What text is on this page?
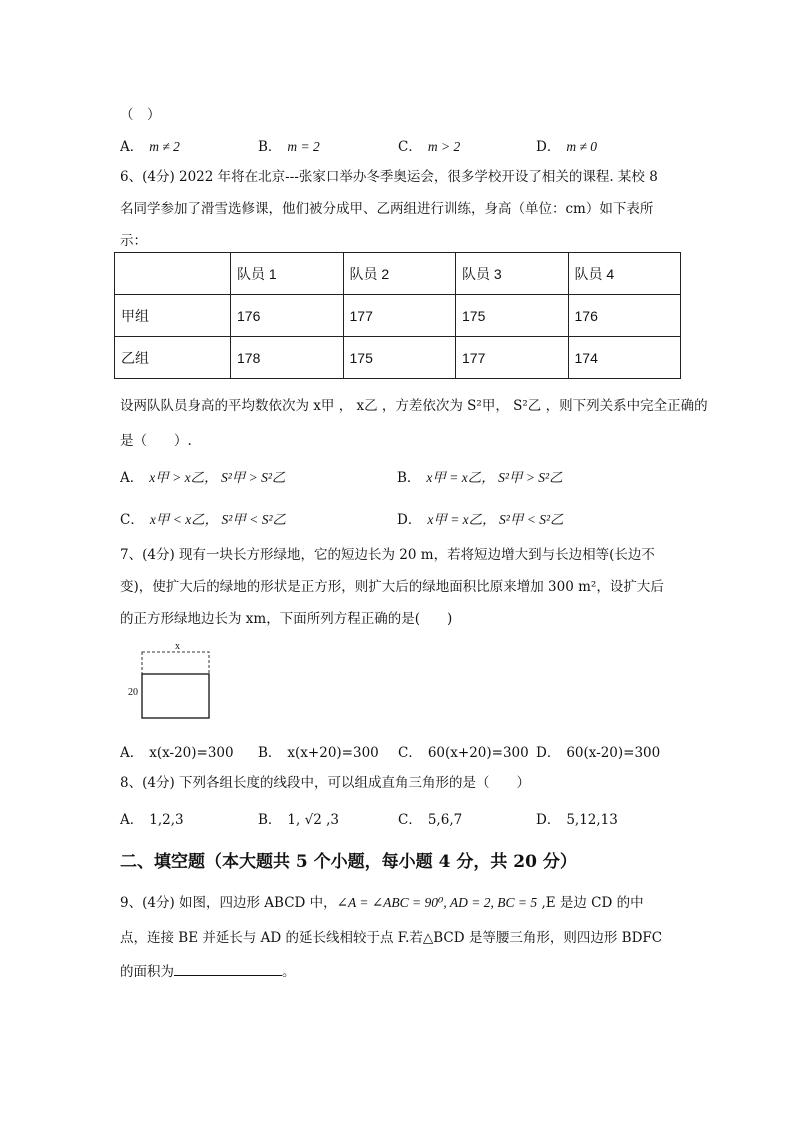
（　）
A． m ≠ 2	B． m = 2	C． m > 2	D． m ≠ 0
6、(4分) 2022 年将在北京---张家口举办冬季奥运会，很多学校开设了相关的课程. 某校 8
名同学参加了滑雪选修课，他们被分成甲、乙两组进行训练，身高（单位：cm）如下表所
示：
	队员 1	队员 2	队员 3	队员 4
甲组	176	177	175	176
乙组	178	175	177	174
设两队队员身高的平均数依次为 x甲 ， x乙 ，方差依次为 S²甲， S²乙 ，则下列关系中完全正确的
是（　　）.
A． x甲 > x乙， S²甲 > S²乙	B． x甲 = x乙， S²甲 > S²乙
C． x甲 < x乙， S²甲 < S²乙	D． x甲 = x乙， S²甲 < S²乙
7、(4分) 现有一块长方形绿地，它的短边长为 20 m，若将短边增大到与长边相等(长边不
变)，使扩大后的绿地的形状是正方形，则扩大后的绿地面积比原来增加 300 m²，设扩大后
的正方形绿地边长为 xm，下面所列方程正确的是(　　)
x
20
A． x(x-20)=300 B． x(x+20)=300 C． 60(x+20)=300 D． 60(x-20)=300
8、(4分) 下列各组长度的线段中，可以组成直角三角形的是（　　）
A． 1,2,3	B． 1, √2 ,3	C． 5,6,7	D． 5,12,13
二、填空题（本大题共 5 个小题，每小题 4 分，共 20 分）
9、(4分) 如图，四边形 ABCD 中，∠A = ∠ABC = 90⁰, AD = 2, BC = 5 ,E 是边 CD 的中
点，连接 BE 并延长与 AD 的延长线相较于点 F.若△BCD 是等腰三角形，则四边形 BDFC
的面积为	。
